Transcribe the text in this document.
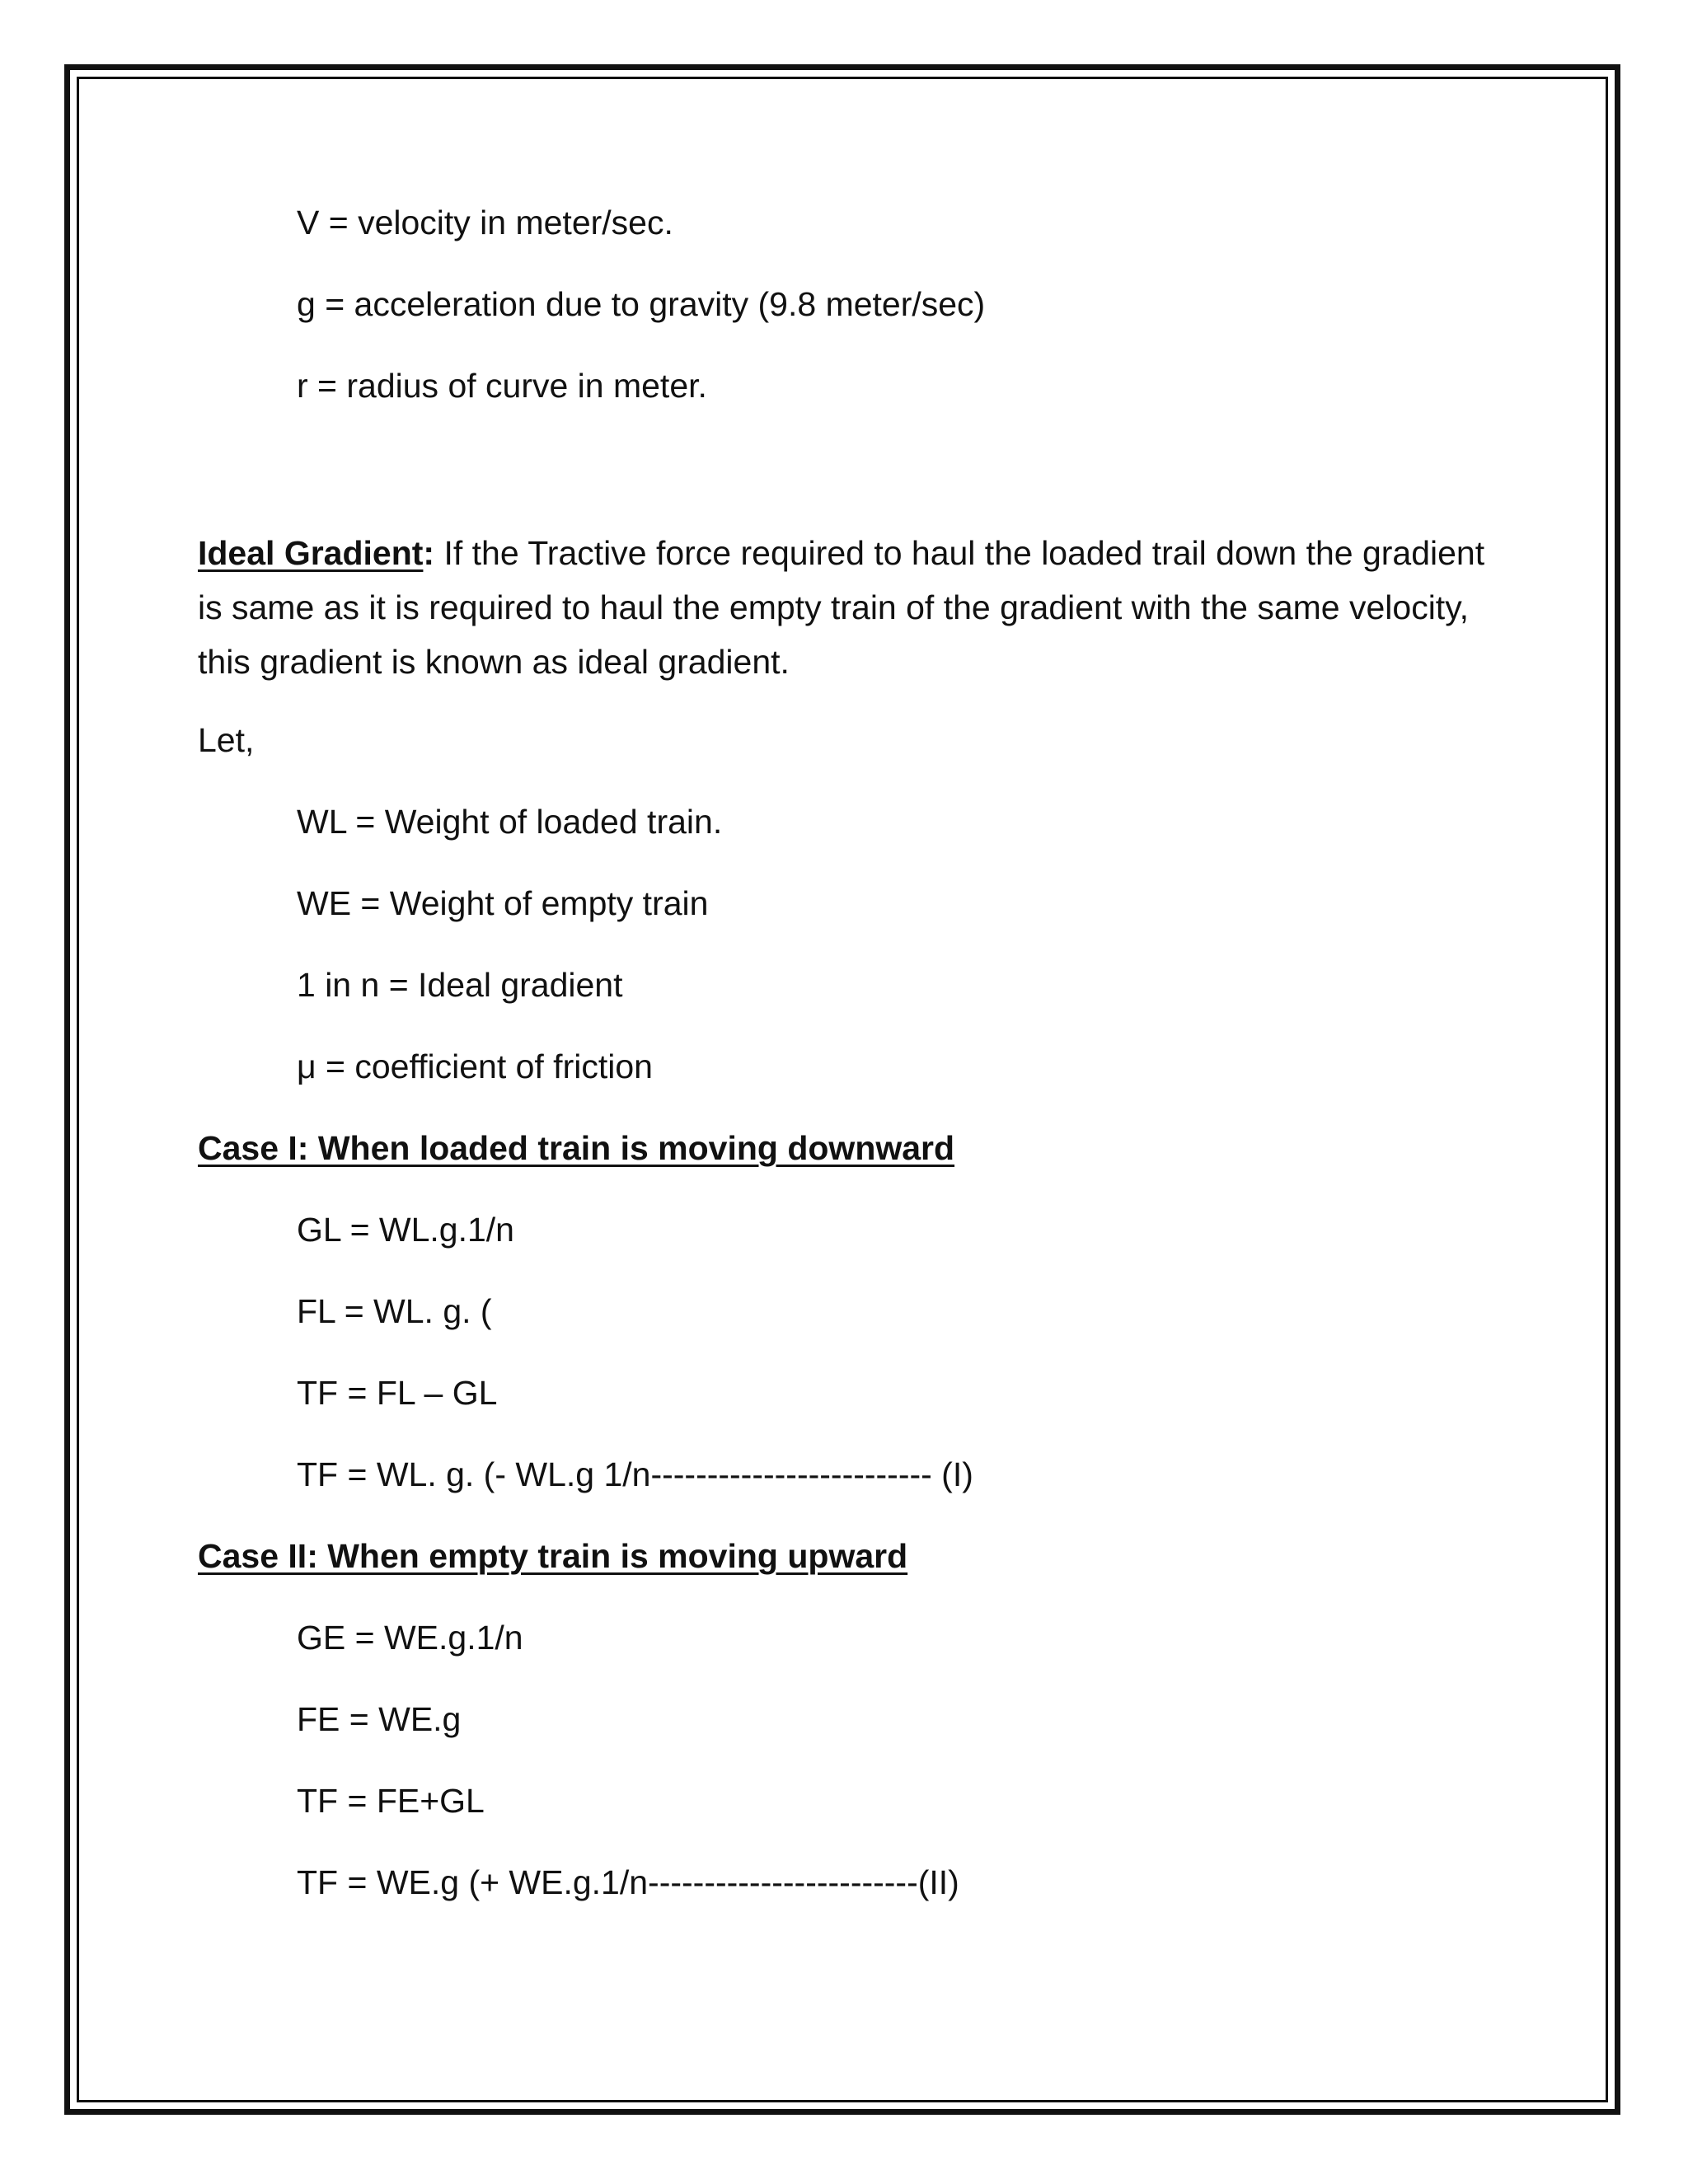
V = velocity in meter/sec.
g = acceleration due to gravity (9.8 meter/sec)
r = radius of curve in meter.
Ideal Gradient: If the Tractive force required to haul the loaded trail down the gradient is same as it is required to haul the empty train of the gradient with the same velocity, this gradient is known as ideal gradient.
Let,
WL = Weight of loaded train.
WE = Weight of empty train
1 in n = Ideal gradient
μ = coefficient of friction
Case I: When loaded train is moving downward
GL = WL.g.1/n
FL = WL. g. (
TF = FL – GL
TF = WL. g. (- WL.g 1/n------------------------- (I)
Case II: When empty train is moving upward
GE = WE.g.1/n
FE = WE.g
TF = FE+GL
TF = WE.g (+ WE.g.1/n------------------------(II)
